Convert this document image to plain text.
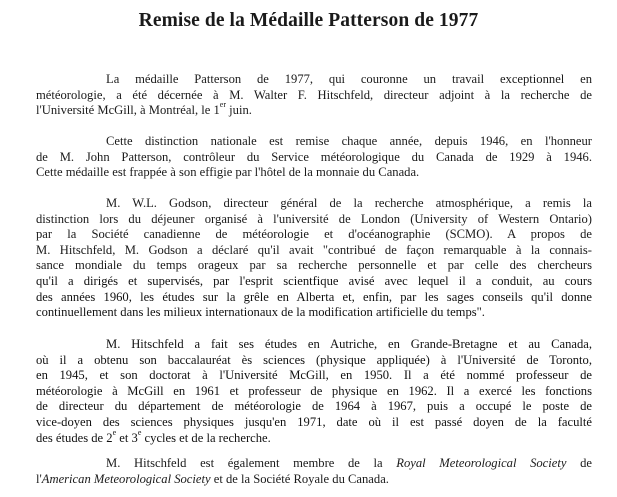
Remise de la Médaille Patterson de 1977
La médaille Patterson de 1977, qui couronne un travail exceptionnel en
météorologie, a été décernée à M. Walter F. Hitschfeld, directeur adjoint à la recherche de
l'Université McGill, à Montréal, le 1er juin.
Cette distinction nationale est remise chaque année, depuis 1946, en l'honneur
de M. John Patterson, contrôleur du Service météorologique du Canada de 1929 à 1946.
Cette médaille est frappée à son effigie par l'hôtel de la monnaie du Canada.
M. W.L. Godson, directeur général de la recherche atmosphérique, a remis la
distinction lors du déjeuner organisé à l'université de London (University of Western Ontario)
par la Société canadienne de météorologie et d'océanographie (SCMO). A propos de
M. Hitschfeld, M. Godson a déclaré qu'il avait "contribué de façon remarquable à la connais-
sance mondiale du temps orageux par sa recherche personnelle et par celle des chercheurs
qu'il a dirigés et supervisés, par l'esprit scientfique avisé avec lequel il a conduit, au cours
des années 1960, les études sur la grêle en Alberta et, enfin, par les sages conseils qu'il donne
continuellement dans les milieux internationaux de la modification artificielle du temps".
M. Hitschfeld a fait ses études en Autriche, en Grande-Bretagne et au Canada,
où il a obtenu son baccalauréat ès sciences (physique appliquée) à l'Université de Toronto,
en 1945, et son doctorat à l'Université McGill, en 1950. Il a été nommé professeur de
météorologie à McGill en 1961 et professeur de physique en 1962. Il a exercé les fonctions
de directeur du département de météorologie de 1964 à 1967, puis a occupé le poste de
vice-doyen des sciences physiques jusqu'en 1971, date où il est passé doyen de la faculté
des études de 2e et 3e cycles et de la recherche.
M. Hitschfeld est également membre de la Royal Meteorological Society de
l'American Meteorological Society et de la Société Royale du Canada.
